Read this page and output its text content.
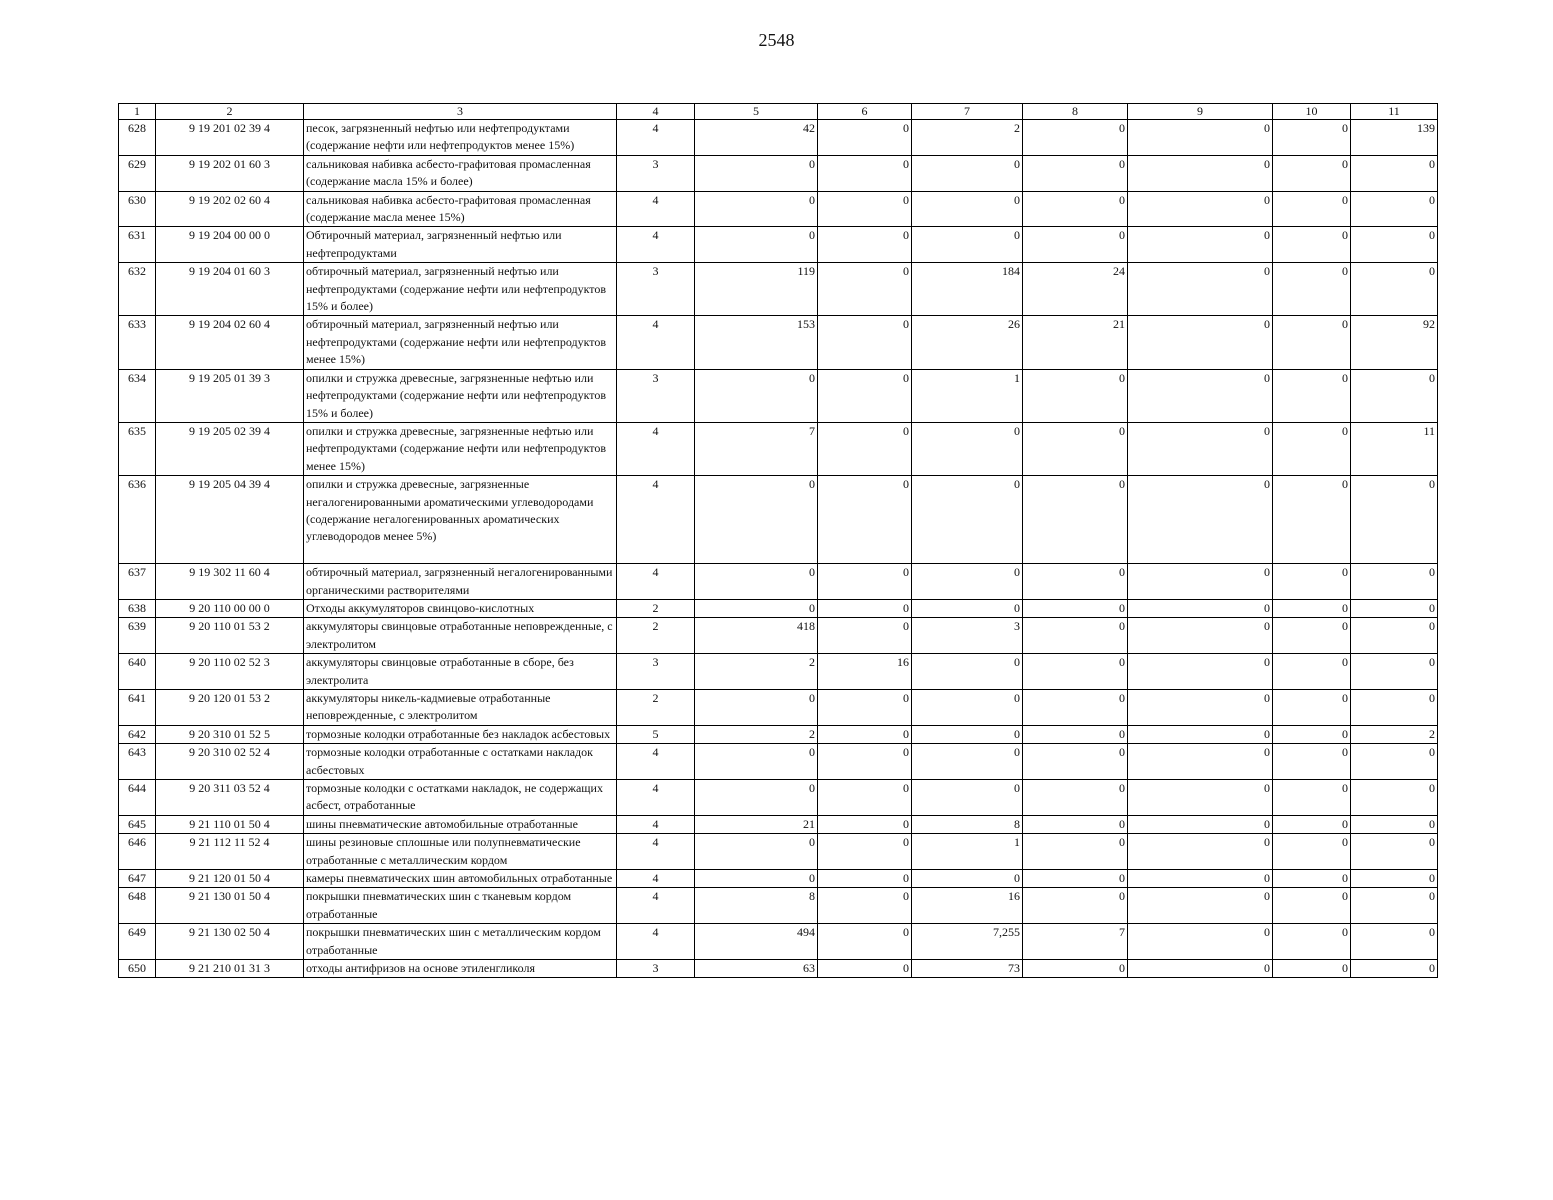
2548
1	2	3	4	5	6	7	8	9	10	11
628	9 19 201 02 39 4	песок, загрязненный нефтью или нефтепродуктами (содержание нефти или нефтепродуктов менее 15%)	4	42	0	2	0	0	0	139
629	9 19 202 01 60 3	сальниковая набивка асбесто-графитовая промасленная (содержание масла 15% и более)	3	0	0	0	0	0	0	0
630	9 19 202 02 60 4	сальниковая набивка асбесто-графитовая промасленная (содержание масла менее 15%)	4	0	0	0	0	0	0	0
631	9 19 204 00 00 0	Обтирочный материал, загрязненный нефтью или нефтепродуктами	4	0	0	0	0	0	0	0
632	9 19 204 01 60 3	обтирочный материал, загрязненный нефтью или нефтепродуктами (содержание нефти или нефтепродуктов 15% и более)	3	119	0	184	24	0	0	0
633	9 19 204 02 60 4	обтирочный материал, загрязненный нефтью или нефтепродуктами (содержание нефти или нефтепродуктов менее 15%)	4	153	0	26	21	0	0	92
634	9 19 205 01 39 3	опилки и стружка древесные, загрязненные нефтью или нефтепродуктами (содержание нефти или нефтепродуктов 15% и более)	3	0	0	1	0	0	0	0
635	9 19 205 02 39 4	опилки и стружка древесные, загрязненные нефтью или нефтепродуктами (содержание нефти или нефтепродуктов менее 15%)	4	7	0	0	0	0	0	11
636	9 19 205 04 39 4	опилки и стружка древесные, загрязненные негалогенированными ароматическими углеводородами (содержание негалогенированных ароматических углеводородов менее 5%)	4	0	0	0	0	0	0	0
637	9 19 302 11 60 4	обтирочный материал, загрязненный негалогенированными органическими растворителями	4	0	0	0	0	0	0	0
638	9 20 110 00 00 0	Отходы аккумуляторов свинцово-кислотных	2	0	0	0	0	0	0	0
639	9 20 110 01 53 2	аккумуляторы свинцовые отработанные неповрежденные, с электролитом	2	418	0	3	0	0	0	0
640	9 20 110 02 52 3	аккумуляторы свинцовые отработанные в сборе, без электролита	3	2	16	0	0	0	0	0
641	9 20 120 01 53 2	аккумуляторы никель-кадмиевые отработанные неповрежденные, с электролитом	2	0	0	0	0	0	0	0
642	9 20 310 01 52 5	тормозные колодки отработанные без накладок асбестовых	5	2	0	0	0	0	0	2
643	9 20 310 02 52 4	тормозные колодки отработанные с остатками накладок асбестовых	4	0	0	0	0	0	0	0
644	9 20 311 03 52 4	тормозные колодки с остатками накладок, не содержащих асбест, отработанные	4	0	0	0	0	0	0	0
645	9 21 110 01 50 4	шины пневматические автомобильные отработанные	4	21	0	8	0	0	0	0
646	9 21 112 11 52 4	шины резиновые сплошные или полупневматические отработанные с металлическим кордом	4	0	0	1	0	0	0	0
647	9 21 120 01 50 4	камеры пневматических шин автомобильных отработанные	4	0	0	0	0	0	0	0
648	9 21 130 01 50 4	покрышки пневматических шин с тканевым кордом отработанные	4	8	0	16	0	0	0	0
649	9 21 130 02 50 4	покрышки пневматических шин с металлическим кордом отработанные	4	494	0	7,255	7	0	0	0
650	9 21 210 01 31 3	отходы антифризов на основе этиленгликоля	3	63	0	73	0	0	0	0
